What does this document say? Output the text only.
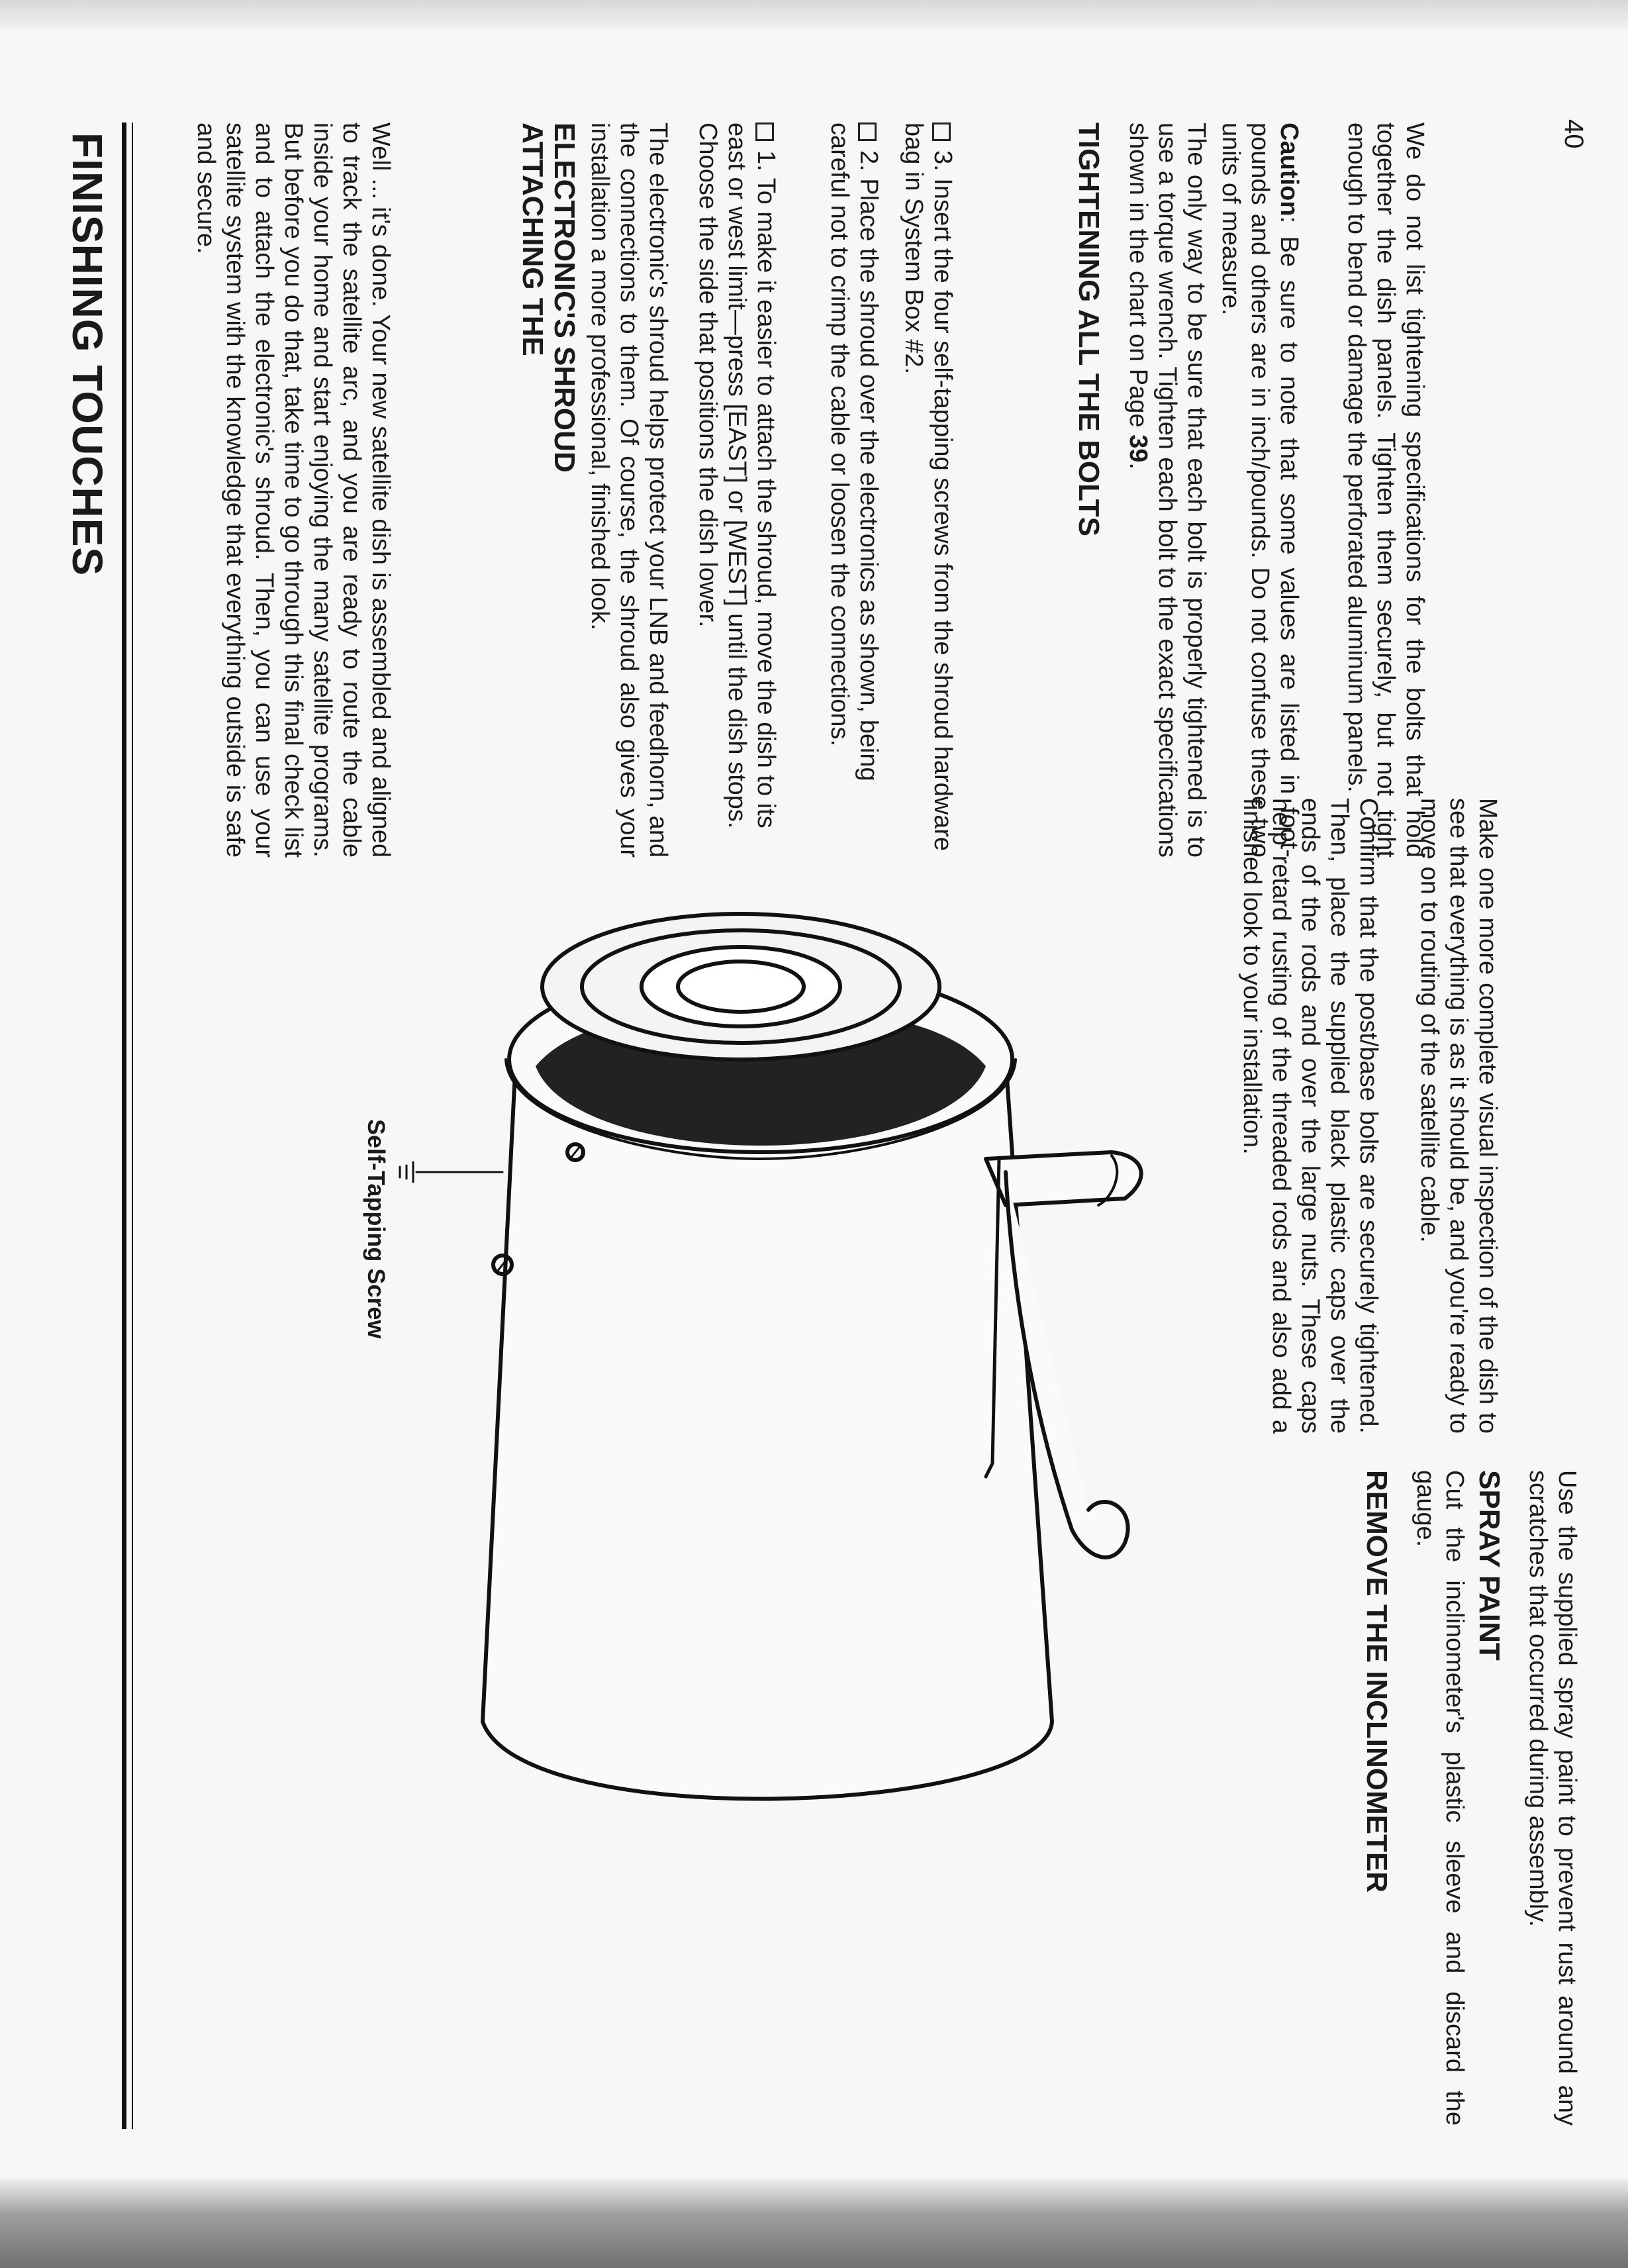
FINISHING TOUCHES	Well ... it's done. Your new satellite dish is assembled and aligned to track the satellite arc, and you are ready to route the cable inside your home and start enjoying the many satellite programs. But before you do that, take time to go through this final check list and to attach the electronic's shroud. Then, you can use your satellite system with the knowledge that everything outside is safe and secure.	ATTACHING THE ELECTRONIC'S SHROUD	The electronic's shroud helps protect your LNB and feedhorn, and the connections to them. Of course, the shroud also gives your installation a more professional, finished look.	1. To make it easier to attach the shroud, move the dish to its east or west limit—press [EAST] or [WEST] until the dish stops. Choose the side that positions the dish lower.	2. Place the shroud over the electronics as shown, being careful not to crimp the cable or loosen the connections.	3. Insert the four self-tapping screws from the shroud hardware bag in System Box #2.	TIGHTENING ALL THE BOLTS	The only way to be sure that each bolt is properly tightened is to use a torque wrench. Tighten each bolt to the exact specifications shown in the chart on Page 39.
Caution: Be sure to note that some values are listed in foot-pounds and others are in inch/pounds. Do not confuse these two units of measure.	We do not list tightening specifications for the bolts that hold together the dish panels. Tighten them securely, but not tight enough to bend or damage the perforated aluminum panels.
Confirm that the post/base bolts are securely tightened. Then, place the supplied black plastic caps over the ends of the rods and over the large nuts. These caps help retard rusting of the threaded rods and also add a finished look to your installation.	Make one more complete visual inspection of the dish to see that everything is as it should be, and you're ready to move on to routing of the satellite cable.
REMOVE THE INCLINOMETER	Cut the inclinometer's plastic sleeve and discard the gauge.	SPRAY PAINT	Use the supplied spray paint to prevent rust around any scratches that occurred during assembly.
40
Self-Tapping Screw
